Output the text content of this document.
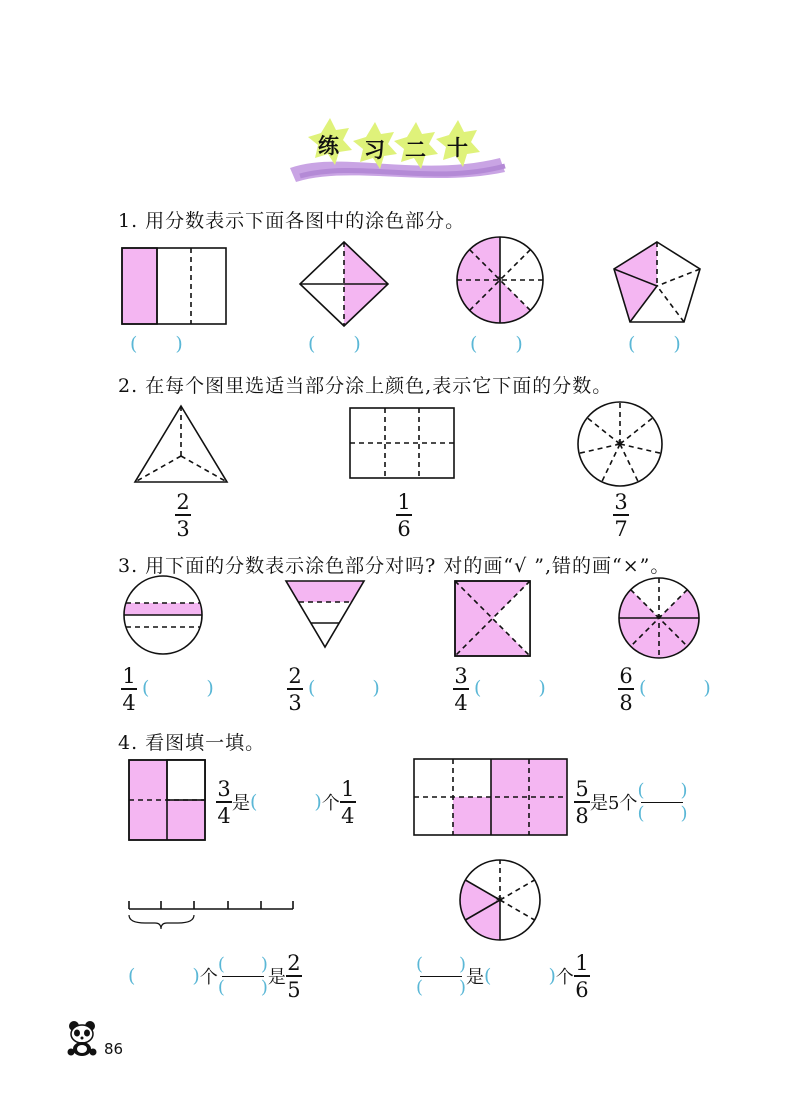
练 习 二 十
1. 用分数表示下面各图中的涂色部分。
*
(  )	(  )	(  )	(  )
2. 在每个图里选适当部分涂上颜色,表示它下面的分数。
*
2
3
1
6
3
7
3. 用下面的分数表示涂色部分对吗? 对的画“√ ”,错的画“×”。
*
1
4
(   )	2
3
(   )	3
4
(   )	6
8
(   )
4. 看图填一填。
*
$\frac{3}{4}$ 是 (   ) 个 $\frac{1}{4}$	$\frac{5}{8}$ 是5个
(  )
(  )
(   ) 个
(  )
(  ) 是 $\frac{2}{5}$	(  )
(  ) 是 (   ) 个 $\frac{1}{6}$
86
